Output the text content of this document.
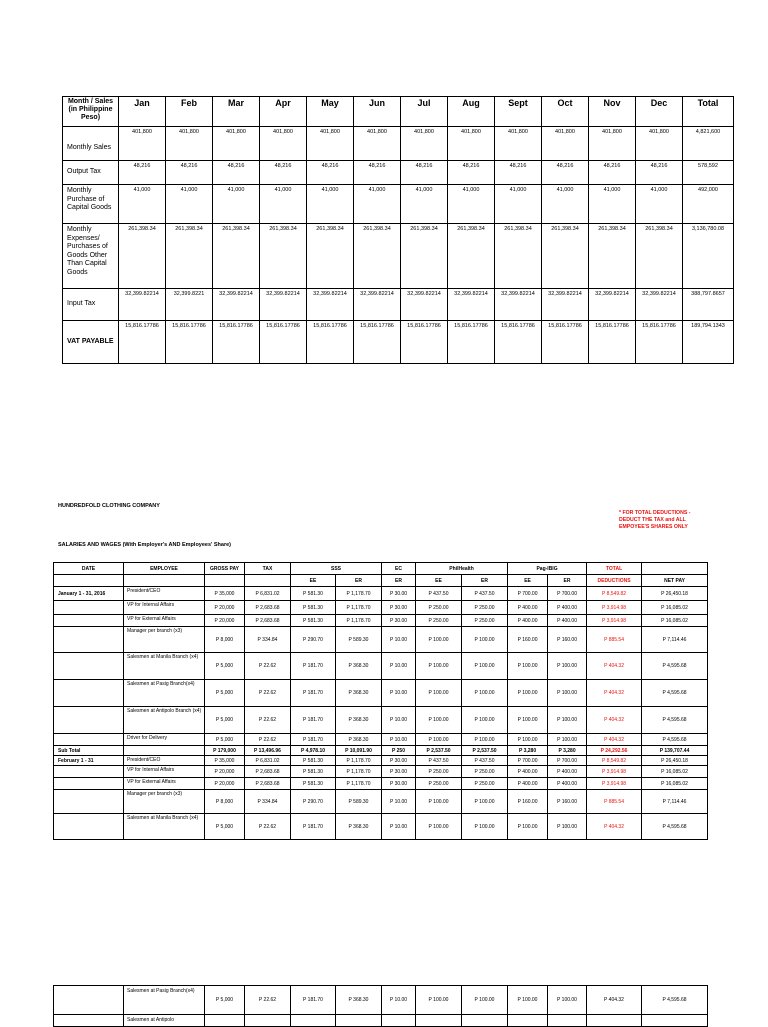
Month / Sales (in Philippine Peso)	Jan	Feb	Mar	Apr	May	Jun	Jul	Aug	Sept	Oct	Nov	Dec	Total
Monthly Sales	401,800	401,800	401,800	401,800	401,800	401,800	401,800	401,800	401,800	401,800	401,800	401,800	4,821,600
Output Tax	48,216	48,216	48,216	48,216	48,216	48,216	48,216	48,216	48,216	48,216	48,216	48,216	578,592
Monthly Purchase of Capital Goods	41,000	41,000	41,000	41,000	41,000	41,000	41,000	41,000	41,000	41,000	41,000	41,000	492,000
Monthly Expenses/ Purchases of Goods Other Than Capital Goods	261,398.34	261,398.34	261,398.34	261,398.34	261,398.34	261,398.34	261,398.34	261,398.34	261,398.34	261,398.34	261,398.34	261,398.34	3,136,780.08
Input Tax	32,399.82214	32,399.8221	32,399.82214	32,399.82214	32,399.82214	32,399.82214	32,399.82214	32,399.82214	32,399.82214	32,399.82214	32,399.82214	32,399.82214	388,797.8657
VAT PAYABLE	15,816.17786	15,816.17786	15,816.17786	15,816.17786	15,816.17786	15,816.17786	15,816.17786	15,816.17786	15,816.17786	15,816.17786	15,816.17786	15,816.17786	189,794.1343
HUNDREDFOLD CLOTHING COMPANY
SALARIES AND WAGES (With Employer's AND Employees' Share)
* FOR TOTAL DEDUCTIONS - DEDUCT THE TAX and ALL EMPOYEE'S SHARES ONLY
DATE	EMPLOYEE	GROSS PAY	TAX	SSS		EC	PhilHealth		Pag-IBIG		TOTAL	
				EE	ER	ER	EE	ER	EE	ER	DEDUCTIONS	NET PAY
January 1 - 31, 2016	President/CEO	P 35,000	P 6,831.02	P 581.30	P 1,178.70	P 30.00	P 437.50	P 437.50	P 700.00	P 700.00	P 8,549.82	P 26,450.18
	VP for Internal Affairs	P 20,000	P 2,683.68	P 581.30	P 1,178.70	P 30.00	P 250.00	P 250.00	P 400.00	P 400.00	P 3,914.98	P 16,085.02
	VP for External Affairs	P 20,000	P 2,683.68	P 581.30	P 1,178.70	P 30.00	P 250.00	P 250.00	P 400.00	P 400.00	P 3,914.98	P 16,085.02
	Manager per branch (x3)	P 8,000	P 334.84	P 290.70	P 589.30	P 10.00	P 100.00	P 100.00	P 160.00	P 160.00	P 885.54	P 7,114.46
	Salesmen at Manila Branch (x4)	P 5,000	P 22.62	P 181.70	P 368.30	P 10.00	P 100.00	P 100.00	P 100.00	P 100.00	P 404.32	P 4,595.68
	Salesmen at Pasig Branch(x4)	P 5,000	P 22.62	P 181.70	P 368.30	P 10.00	P 100.00	P 100.00	P 100.00	P 100.00	P 404.32	P 4,595.68
	Salesmen at Antipolo Branch (x4)	P 5,000	P 22.62	P 181.70	P 368.30	P 10.00	P 100.00	P 100.00	P 100.00	P 100.00	P 404.32	P 4,595.68
	Driver for Delivery	P 5,000	P 22.62	P 181.70	P 368.30	P 10.00	P 100.00	P 100.00	P 100.00	P 100.00	P 404.32	P 4,595.68
Sub Total		P 179,000	P 13,496.96	P 4,978.10	P 10,091.90	P 250	P 2,537.50	P 2,537.50	P 3,280	P 3,280	P 24,292.56	P 139,707.44
February 1 - 31	President/CEO	P 35,000	P 6,831.02	P 581.30	P 1,178.70	P 30.00	P 437.50	P 437.50	P 700.00	P 700.00	P 8,549.82	P 26,450.18
	VP for Internal Affairs	P 20,000	P 2,683.68	P 581.30	P 1,178.70	P 30.00	P 250.00	P 250.00	P 400.00	P 400.00	P 3,914.98	P 16,085.02
	VP for External Affairs	P 20,000	P 2,683.68	P 581.30	P 1,178.70	P 30.00	P 250.00	P 250.00	P 400.00	P 400.00	P 3,914.98	P 16,085.02
	Manager per branch (x3)	P 8,000	P 334.84	P 290.70	P 589.30	P 10.00	P 100.00	P 100.00	P 160.00	P 160.00	P 885.54	P 7,114.46
	Salesmen at Manila Branch (x4)	P 5,000	P 22.62	P 181.70	P 368.30	P 10.00	P 100.00	P 100.00	P 100.00	P 100.00	P 404.32	P 4,595.68
	Salesmen at Pasig Branch(x4)	P 5,000	P 22.62	P 181.70	P 368.30	P 10.00	P 100.00	P 100.00	P 100.00	P 100.00	P 404.32	P 4,595.68
	Salesmen at Antipolo											
